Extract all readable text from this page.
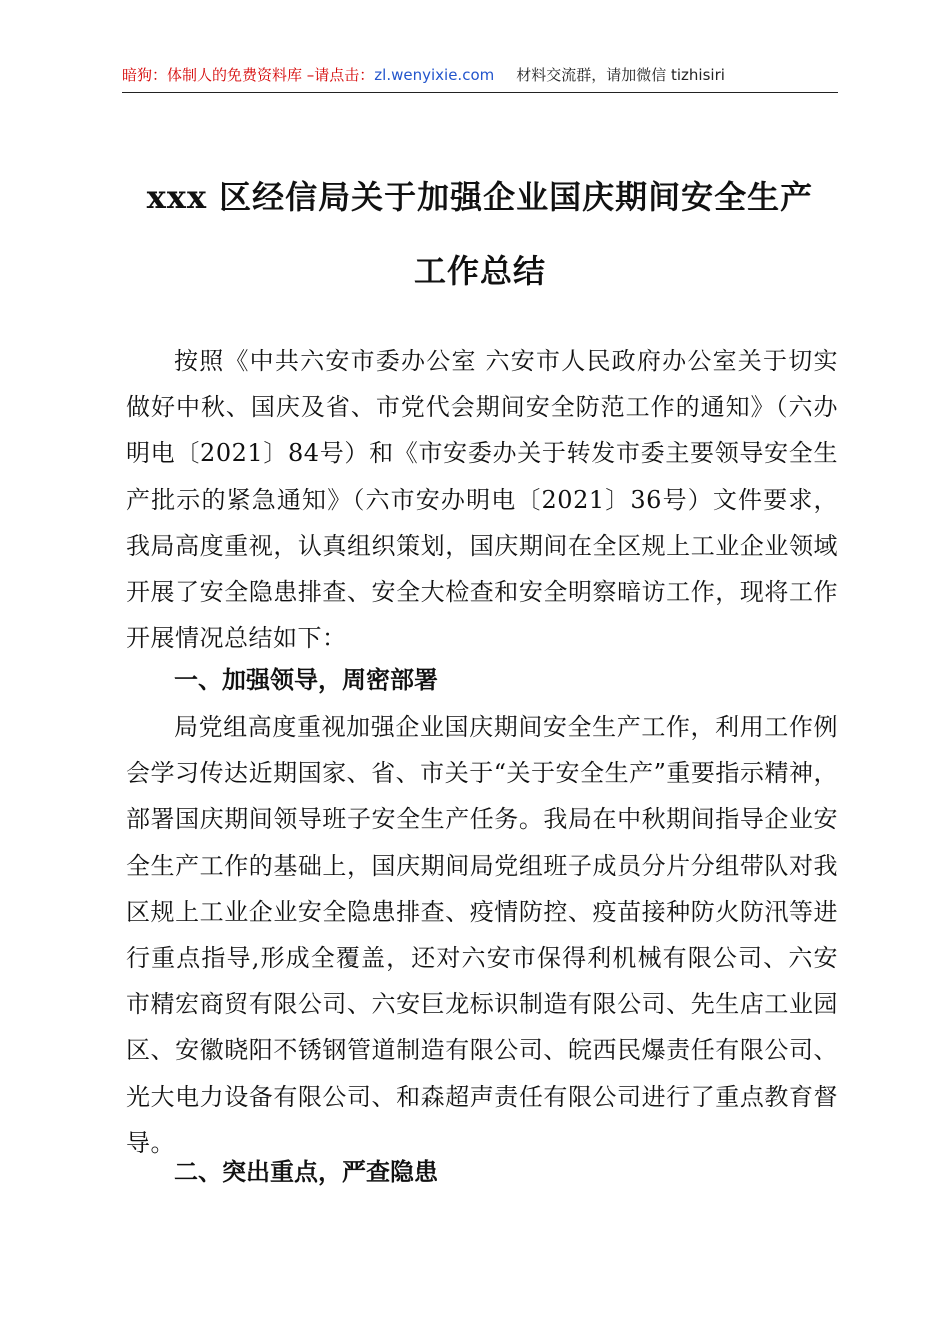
暗狗：体制人的免费资料库 –请点击：zl.wenyixie.com 材料交流群，请加微信 tizhisiri
xxx 区经信局关于加强企业国庆期间安全生产
工作总结

按照《中共六安市委办公室 六安市人民政府办公室关于切实做好中秋、国庆及省、市党代会期间安全防范工作的通知》（六办明电〔2021〕84号）和《市安委办关于转发市委主要领导安全生产批示的紧急通知》（六市安办明电〔2021〕36号）文件要求，我局高度重视，认真组织策划，国庆期间在全区规上工业企业领域开展了安全隐患排查、安全大检查和安全明察暗访工作，现将工作开展情况总结如下：

一、加强领导，周密部署

局党组高度重视加强企业国庆期间安全生产工作，利用工作例会学习传达近期国家、省、市关于“关于安全生产”重要指示精神，部署国庆期间领导班子安全生产任务。我局在中秋期间指导企业安全生产工作的基础上，国庆期间局党组班子成员分片分组带队对我区规上工业企业安全隐患排查、疫情防控、疫苗接种防火防汛等进行重点指导,形成全覆盖，还对六安市保得利机械有限公司、六安市精宏商贸有限公司、六安巨龙标识制造有限公司、先生店工业园区、安徽晓阳不锈钢管道制造有限公司、皖西民爆责任有限公司、光大电力设备有限公司、和森超声责任有限公司进行了重点教育督导。

二、突出重点，严查隐患
